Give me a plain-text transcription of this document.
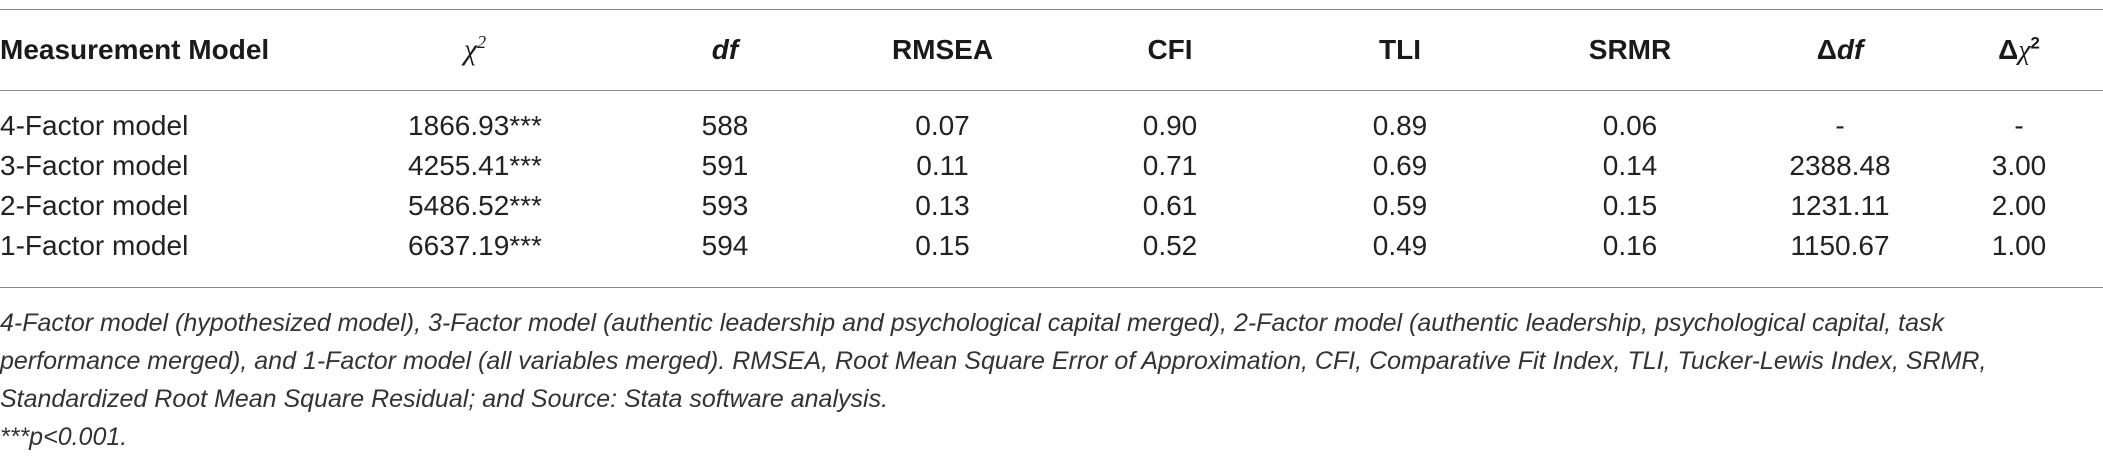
Measurement Model	$\chi^2$	df	RMSEA	CFI	TLI	SRMR	Δdf	$\Delta\chi^2$
4-Factor model	1866.93***	588	0.07	0.90	0.89	0.06	-	-
3-Factor model	4255.41***	591	0.11	0.71	0.69	0.14	2388.48	3.00
2-Factor model	5486.52***	593	0.13	0.61	0.59	0.15	1231.11	2.00
1-Factor model	6637.19***	594	0.15	0.52	0.49	0.16	1150.67	1.00

4-Factor model (hypothesized model), 3-Factor model (authentic leadership and psychological capital merged), 2-Factor model (authentic leadership, psychological capital, task

performance merged), and 1-Factor model (all variables merged). RMSEA, Root Mean Square Error of Approximation, CFI, Comparative Fit Index, TLI, Tucker-Lewis Index, SRMR,

Standardized Root Mean Square Residual; and Source: Stata software analysis.

***p<0.001.
